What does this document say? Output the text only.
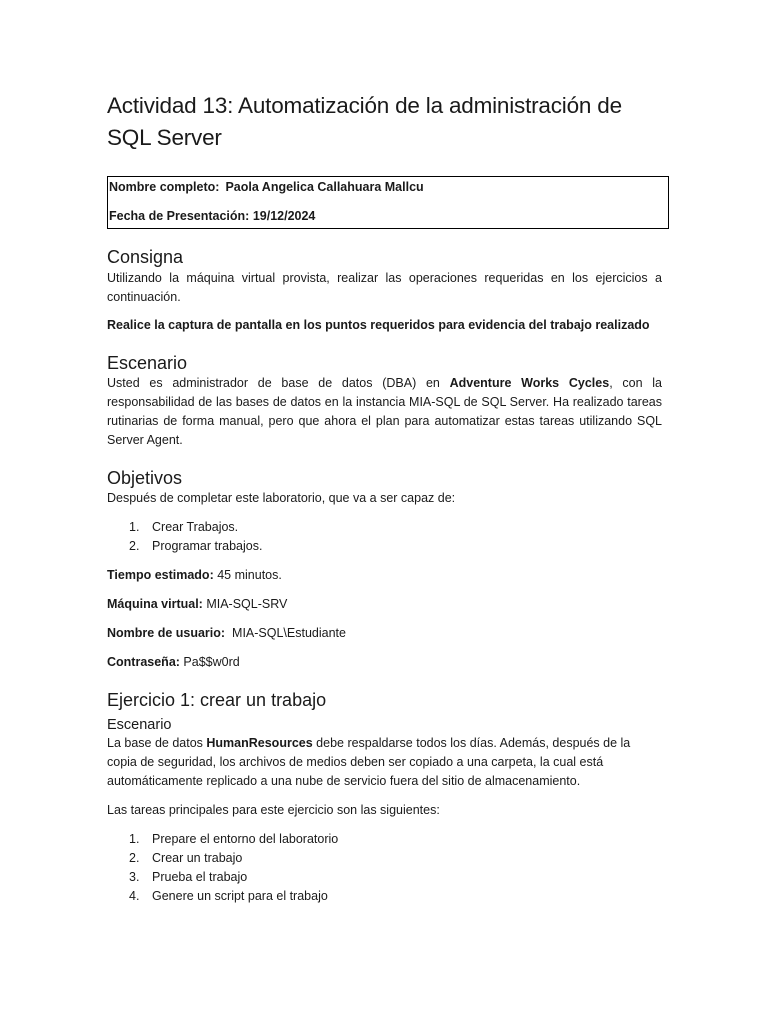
Actividad 13: Automatización de la administración de SQL Server
Nombre completo: Paola Angelica Callahuara Mallcu
Fecha de Presentación: 19/12/2024
Consigna

Utilizando la máquina virtual provista, realizar las operaciones requeridas en los ejercicios a continuación.

Realice la captura de pantalla en los puntos requeridos para evidencia del trabajo realizado

Escenario

Usted es administrador de base de datos (DBA) en Adventure Works Cycles, con la responsabilidad de las bases de datos en la instancia MIA-SQL de SQL Server. Ha realizado tareas rutinarias de forma manual, pero que ahora el plan para automatizar estas tareas utilizando SQL Server Agent.

Objetivos

Después de completar este laboratorio, que va a ser capaz de:

1. Crear Trabajos.
2. Programar trabajos.

Tiempo estimado: 45 minutos.

Máquina virtual: MIA-SQL-SRV

Nombre de usuario: MIA-SQL\Estudiante

Contraseña: Pa$$w0rd

Ejercicio 1: crear un trabajo
Escenario

La base de datos HumanResources debe respaldarse todos los días. Además, después de la copia de seguridad, los archivos de medios deben ser copiado a una carpeta, la cual está automáticamente replicado a una nube de servicio fuera del sitio de almacenamiento.

Las tareas principales para este ejercicio son las siguientes:

1. Prepare el entorno del laboratorio
2. Crear un trabajo
3. Prueba el trabajo
4. Genere un script para el trabajo
